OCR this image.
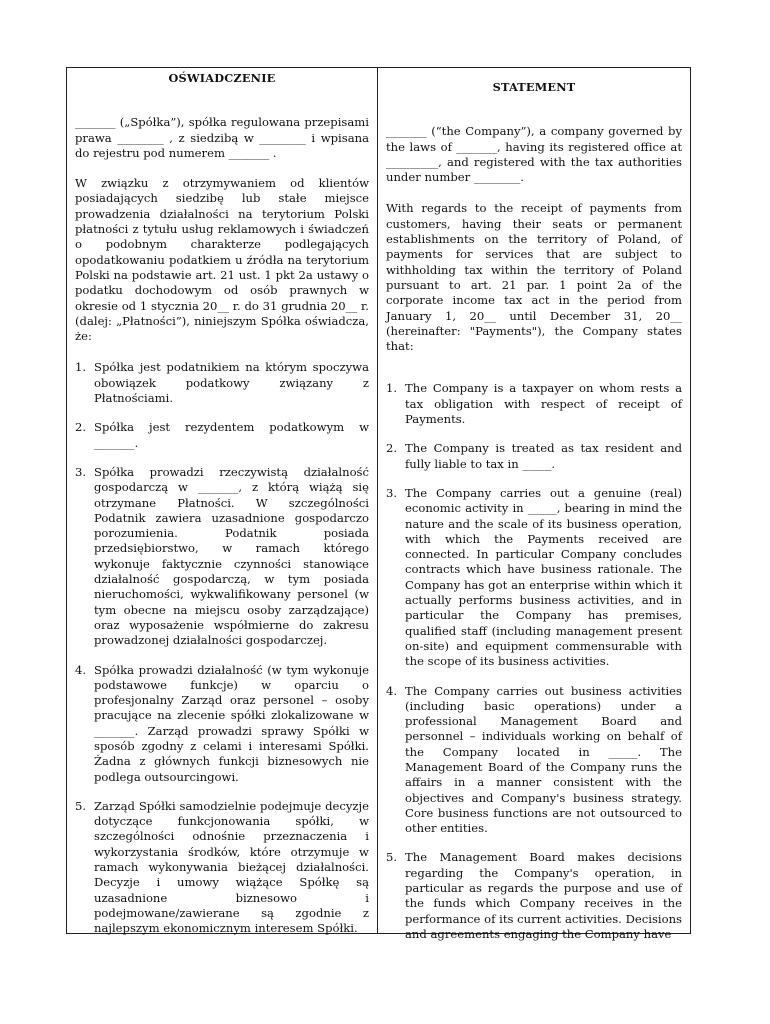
OŚWIADCZENIE

_______ („Spółka”), spółka regulowana przepisami prawa ________ , z siedzibą w ________ i wpisana do rejestru pod numerem _______ .

W związku z otrzymywaniem od klientów posiadających siedzibę lub stałe miejsce prowadzenia działalności na terytorium Polski płatności z tytułu usług reklamowych i świadczeń o podobnym charakterze podlegających opodatkowaniu podatkiem u źródła na terytorium Polski na podstawie art. 21 ust. 1 pkt 2a ustawy o podatku dochodowym od osób prawnych w okresie od 1 stycznia 20__ r. do 31 grudnia 20__ r. (dalej: „Płatności”), niniejszym Spółka oświadcza, że:

1. Spółka jest podatnikiem na którym spoczywa obowiązek podatkowy związany z Płatnościami.
2. Spółka jest rezydentem podatkowym w _______.
3. Spółka prowadzi rzeczywistą działalność gospodarczą w _______, z którą wiążą się otrzymane Płatności. W szczególności Podatnik zawiera uzasadnione gospodarczo porozumienia. Podatnik posiada przedsiębiorstwo, w ramach którego wykonuje faktycznie czynności stanowiące działalność gospodarczą, w tym posiada nieruchomości, wykwalifikowany personel (w tym obecne na miejscu osoby zarządzające) oraz wyposażenie współmierne do zakresu prowadzonej działalności gospodarczej.
4. Spółka prowadzi działalność (w tym wykonuje podstawowe funkcje) w oparciu o profesjonalny Zarząd oraz personel – osoby pracujące na zlecenie spółki zlokalizowane w _______. Zarząd prowadzi sprawy Spółki w sposób zgodny z celami i interesami Spółki. Żadna z głównych funkcji biznesowych nie podlega outsourcingowi.
5. Zarząd Spółki samodzielnie podejmuje decyzje dotyczące funkcjonowania spółki, w szczególności odnośnie przeznaczenia i wykorzystania środków, które otrzymuje w ramach wykonywania bieżącej działalności. Decyzje i umowy wiążące Spółkę są uzasadnione biznesowo i podejmowane/zawierane są zgodnie z najlepszym ekonomicznym interesem Spółki.
STATEMENT

_______ (“the Company”), a company governed by the laws of _______, having its registered office at _________, and registered with the tax authorities under number ________.

With regards to the receipt of payments from customers, having their seats or permanent establishments on the territory of Poland, of payments for services that are subject to withholding tax within the territory of Poland pursuant to art. 21 par. 1 point 2a of the corporate income tax act in the period from January 1, 20__ until December 31, 20__ (hereinafter: "Payments"), the Company states that:

1. The Company is a taxpayer on whom rests a tax obligation with respect of receipt of Payments.
2. The Company is treated as tax resident and fully liable to tax in _____.
3. The Company carries out a genuine (real) economic activity in _____, bearing in mind the nature and the scale of its business operation, with which the Payments received are connected. In particular Company concludes contracts which have business rationale. The Company has got an enterprise within which it actually performs business activities, and in particular the Company has premises, qualified staff (including management present on-site) and equipment commensurable with the scope of its business activities.
4. The Company carries out business activities (including basic operations) under a professional Management Board and personnel – individuals working on behalf of the Company located in _____. The Management Board of the Company runs the affairs in a manner consistent with the objectives and Company's business strategy. Core business functions are not outsourced to other entities.
5. The Management Board makes decisions regarding the Company's operation, in particular as regards the purpose and use of the funds which Company receives in the performance of its current activities. Decisions and agreements engaging the Company have
